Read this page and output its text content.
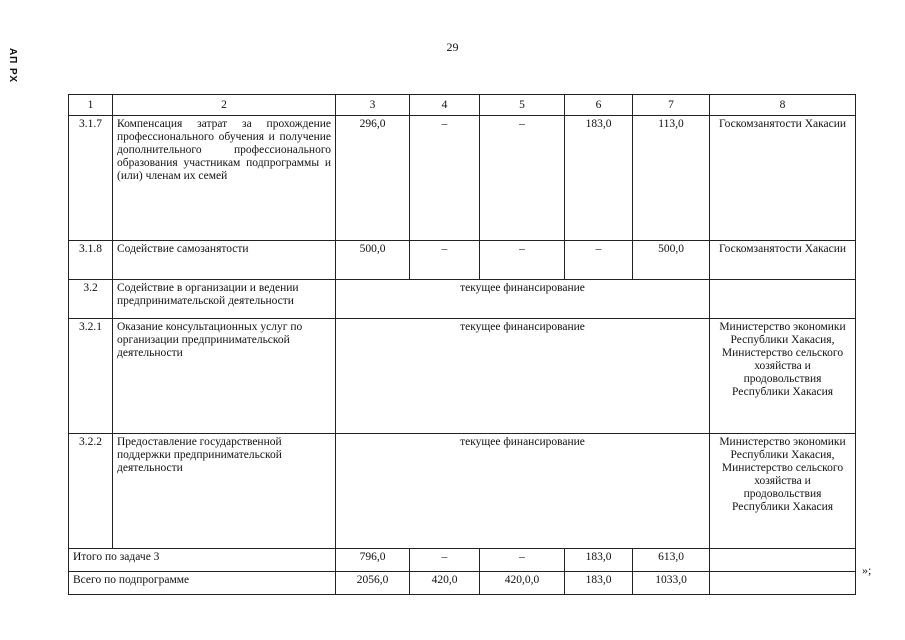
29
АП РХ
1	2	3	4	5	6	7	8
3.1.7	Компенсация затрат за прохождение профессионального обучения и получение дополнительного профессионального образования участникам подпрограммы и (или) членам их семей	296,0	–	–	183,0	113,0	Госкомзанятости Хакасии
3.1.8	Содействие самозанятости	500,0	–	–	–	500,0	Госкомзанятости Хакасии
3.2	Содействие в организации и ведении предпринимательской деятельности	текущее финансирование					
3.2.1	Оказание консультационных услуг по организации предпринимательской деятельности	текущее финансирование					Министерство экономики Республики Хакасия, Министерство сельского хозяйства и продовольствия Республики Хакасия
3.2.2	Предоставление государственной поддержки предпринимательской деятельности	текущее финансирование					Министерство экономики Республики Хакасия, Министерство сельского хозяйства и продовольствия Республики Хакасия
Итого по задаче 3		796,0	–	–	183,0	613,0	
Всего по подпрограмме		2056,0	420,0	420,0,0	183,0	1033,0	
»;
